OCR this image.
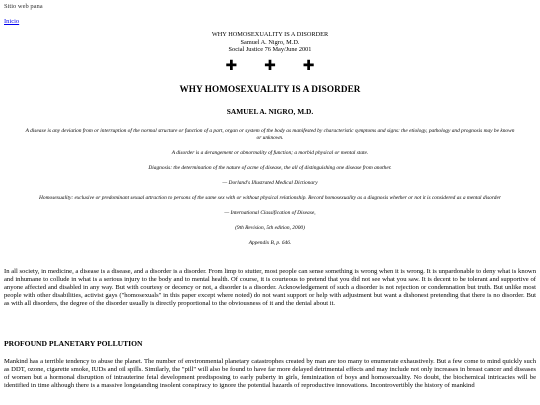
Sitio web pana
Inicio
WHY HOMOSEXUALITY IS A DISORDER
Samuel A. Nigro, M.D.
Social Justice 76 May/June 2001
✚ ✚ ✚
WHY HOMOSEXUALITY IS A DISORDER
SAMUEL A. NIGRO, M.D.

A disease is any deviation from or interruption of the normal structure or function of a part, organ or system of the body as manifested by characteristic symptoms and signs: the etiology, pathology and prognosis may be known or unknown.

A disorder is a derangement or abnormality of function; a morbid physical or mental state.

Diagnosis: the determination of the nature of acme of disease, the all of distinguishing one disease from another.

— Dorland's Illustrated Medical Dictionary

Homosexuality: exclusive or predominant sexual attraction to persons of the same sex with or without physical relationship. Record homosexuality as a diagnosis whether or not it is considered as a mental disorder

— International Classification of Disease,

(9th Revision, 5th edition, 2000)

Appendix B, p. 646.

In all society, in medicine, a disease is a disease, and a disorder is a disorder. From limp to stutter, most people can sense something is wrong when it is wrong. It is unpardonable to deny what is known and inhumane to collude in what is a serious injury to the body and to mental health. Of course, it is courteous to pretend that you did not see what you saw. It is decent to be tolerant and supportive of anyone affected and disabled in any way. But with courtesy or decency or not, a disorder is a disorder. Acknowledgement of such a disorder is not rejection or condemnation but truth. But unlike most people with other disabilities, activist gays ("homosexuals" in this paper except where noted) do not want support or help with adjustment but want a dishonest pretending that there is no disorder. But as with all disorders, the degree of the disorder usually is directly proportional to the obviousness of it and the denial about it.
PROFOUND PLANETARY POLLUTION
Mankind has a terrible tendency to abuse the planet. The number of environmental planetary catastrophes created by man are too many to enumerate exhaustively. But a few come to mind quickly such as DDT, ozone, cigarette smoke, IUDs and oil spills. Similarly, the "pill" will also be found to have far more delayed detrimental effects and may include not only increases in breast cancer and diseases of women but a hormonal disruption of intrauterine fetal development predisposing to early puberty in girls, feminization of boys and homosexuality. No doubt, the biochemical intricacies will be identified in time although there is a massive longstanding insolent conspiracy to ignore the potential hazards of reproductive innovations. Incontrovertibly the history of mankind
